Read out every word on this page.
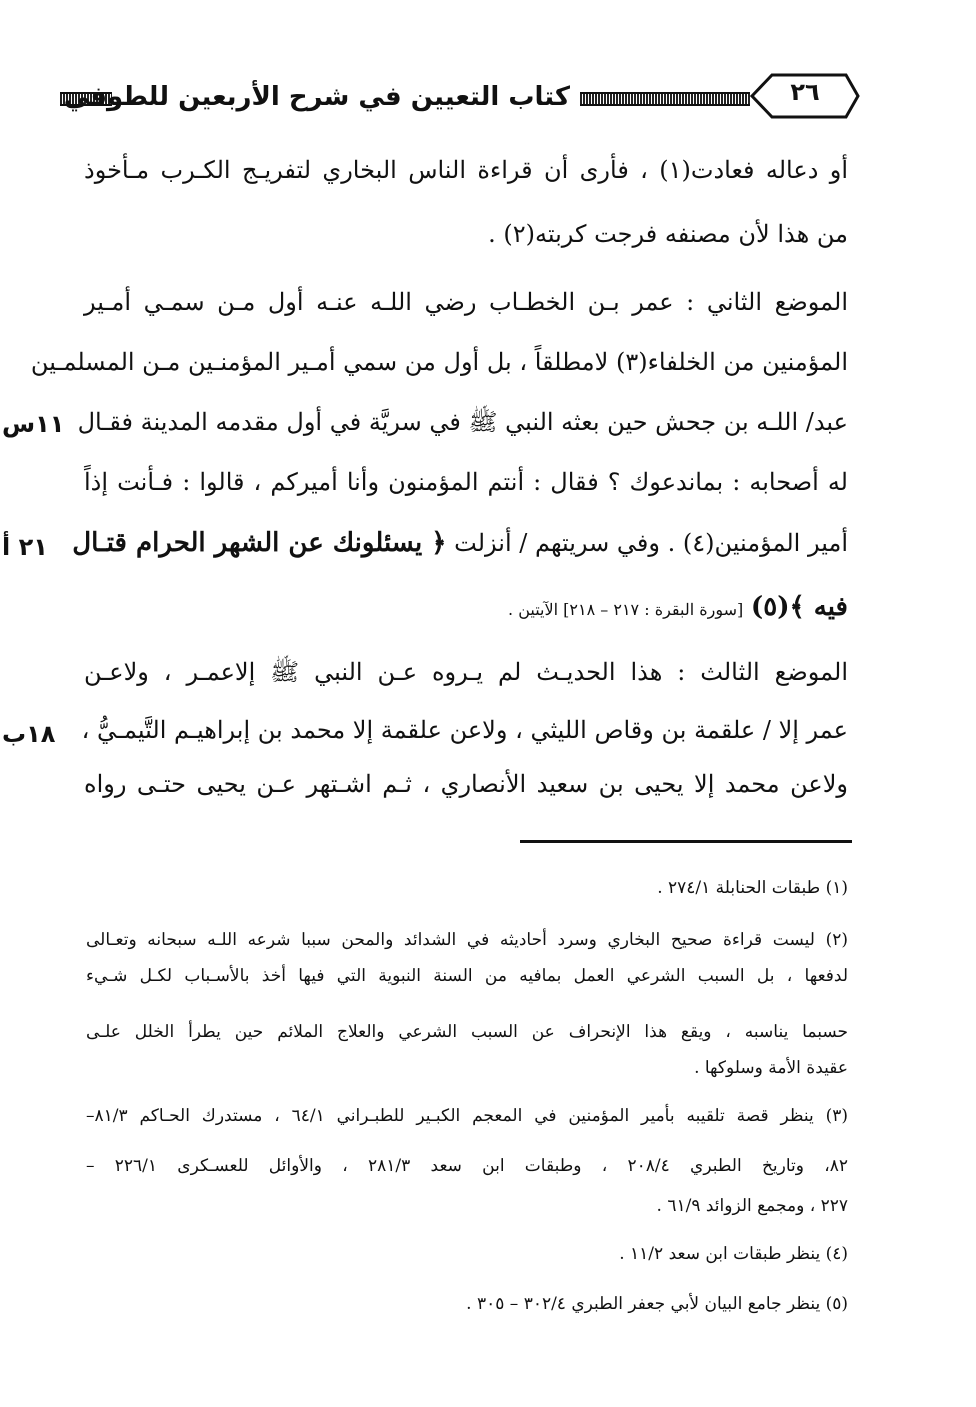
كتاب التعيين في شرح الأربعين للطوفي	٢٦
أو دعاله فعادت(١) ، فأرى أن قراءة الناس البخاري لتفريـج الكـرب مـأخوذ
من هذا لأن مصنفه فرجت كربته(٢) .
الموضع الثاني : عمر بـن الخطـاب رضي اللـه عنـه أول مـن سمـي أمـير
المؤمنين من الخلفاء(٣) لامطلقاً ، بل أول من سمي أمـير المؤمنـين مـن المسلمـين
عبد/ اللـه بن جحش حين بعثه النبي ﷺ في سريَّة في أول مقدمه المدينة فقـال
له أصحابه : بماندعوك ؟ فقال : أنتم المؤمنون وأنا أميركم ، قالوا : فـأنت إذاً
أمير المؤمنين(٤) . وفي سريتهم / أنزلت ﴿ يسئلونك عن الشهر الحرام قتـال
فيه ﴾(٥) [سورة البقرة : ٢١٧ – ٢١٨] الآيتين .
الموضع الثالث : هذا الحديـث لم يـروه عـن النبي ﷺ إلاعمـر ، ولاعـن
عمر إلا / علقمة بن وقاص الليثي ، ولاعن علقمة إلا محمد بن إبراهيـم التَّيمـيُّ ،
ولاعن محمد إلا يحيى بن سعيد الأنصاري ، ثـم اشـتهر عـن يحيى حتـى رواه
١١س
٢١ أ
١٨ب
(١) طبقات الحنابلة ٢٧٤/١ .
(٢) ليست قراءة صحيح البخاري وسرد أحاديثه في الشدائد والمحن سببا شرعه اللـه سبحانه وتعـالى
لدفعها ، بل السبب الشرعي العمل بمافيه من السنة النبوية التي فيها أخذ بالأسـباب لكـل شـيء
حسبما يناسبه ، ويقع هذا الإنحراف عن السبب الشرعي والعلاج الملائم حين يطرأ الخلل علـى
عقيدة الأمة وسلوكها .
(٣) ينظر قصة تلقيبه بأمير المؤمنين في المعجم الكبـير للطبـراني ٦٤/١ ، مستدرك الحـاكم ٨١/٣–
٨٢، وتاريخ الطبري ٢٠٨/٤ ، وطبقات ابن سعد ٢٨١/٣ ، والأوائل للعسـكرى ٢٢٦/١ –
٢٢٧ ، ومجمع الزوائد ٦١/٩ .
(٤) ينظر طبقات ابن سعد ١١/٢ .
(٥) ينظر جامع البيان لأبي جعفر الطبري ٣٠٢/٤ – ٣٠٥ .
